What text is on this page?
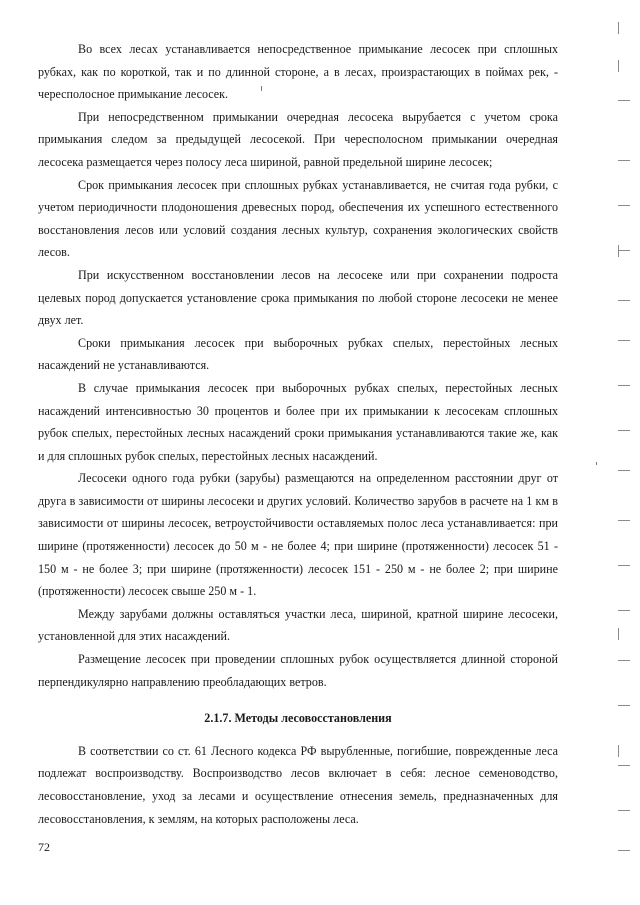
Во всех лесах устанавливается непосредственное примыкание лесосек при сплошных рубках, как по короткой, так и по длинной стороне, а в лесах, произрастающих в поймах рек, - чересполосное примыкание лесосек.

При непосредственном примыкании очередная лесосека вырубается с учетом срока примыкания следом за предыдущей лесосекой. При чересполосном примыкании очередная лесосека размещается через полосу леса шириной, равной предельной ширине лесосек;

Срок примыкания лесосек при сплошных рубках устанавливается, не считая года рубки, с учетом периодичности плодоношения древесных пород, обеспечения их успешного естественного восстановления лесов или условий создания лесных культур, сохранения экологических свойств лесов.

При искусственном восстановлении лесов на лесосеке или при сохранении подроста целевых пород допускается установление срока примыкания по любой стороне лесосеки не менее двух лет.

Сроки примыкания лесосек при выборочных рубках спелых, перестойных лесных насаждений не устанавливаются.

В случае примыкания лесосек при выборочных рубках спелых, перестойных лесных насаждений интенсивностью 30 процентов и более при их примыкании к лесосекам сплошных рубок спелых, перестойных лесных насаждений сроки примыкания устанавливаются такие же, как и для сплошных рубок спелых, перестойных лесных насаждений.

Лесосеки одного года рубки (зарубы) размещаются на определенном расстоянии друг от друга в зависимости от ширины лесосеки и других условий. Количество зарубов в расчете на 1 км в зависимости от ширины лесосек, ветроустойчивости оставляемых полос леса устанавливается: при ширине (протяженности) лесосек до 50 м - не более 4; при ширине (протяженности) лесосек 51 - 150 м - не более 3; при ширине (протяженности) лесосек 151 - 250 м - не более 2; при ширине (протяженности) лесосек свыше 250 м - 1.

Между зарубами должны оставляться участки леса, шириной, кратной ширине лесосеки, установленной для этих насаждений.

Размещение лесосек при проведении сплошных рубок осуществляется длинной стороной перпендикулярно направлению преобладающих ветров.

2.1.7. Методы лесовосстановления

В соответствии со ст. 61 Лесного кодекса РФ вырубленные, погибшие, поврежденные леса подлежат воспроизводству. Воспроизводство лесов включает в себя: лесное семеноводство, лесовосстановление, уход за лесами и осуществление отнесения земель, предназначенных для лесовосстановления, к землям, на которых расположены леса.

72
